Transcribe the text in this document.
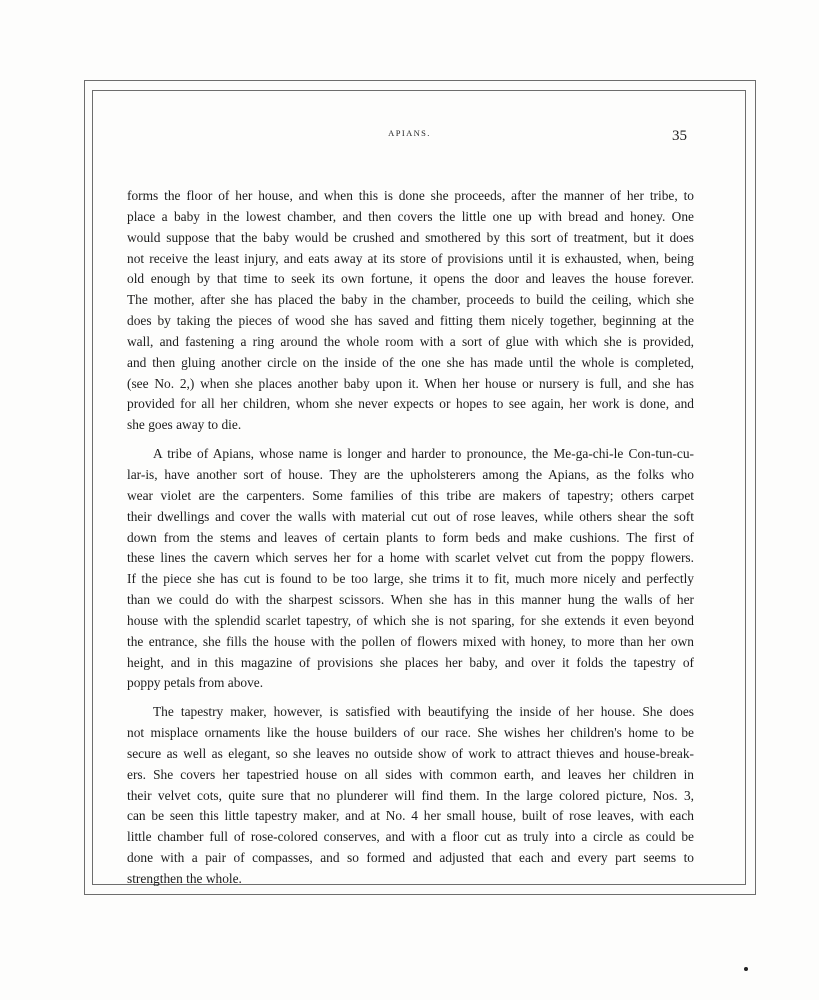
APIANS.	35
forms the floor of her house, and when this is done she proceeds, after the manner of her tribe, to
place a baby in the lowest chamber, and then covers the little one up with bread and honey. One
would suppose that the baby would be crushed and smothered by this sort of treatment, but it does
not receive the least injury, and eats away at its store of provisions until it is exhausted, when, being
old enough by that time to seek its own fortune, it opens the door and leaves the house forever.
The mother, after she has placed the baby in the chamber, proceeds to build the ceiling, which she
does by taking the pieces of wood she has saved and fitting them nicely together, beginning at the
wall, and fastening a ring around the whole room with a sort of glue with which she is provided,
and then gluing another circle on the inside of the one she has made until the whole is completed,
(see No. 2,) when she places another baby upon it. When her house or nursery is full, and she has
provided for all her children, whom she never expects or hopes to see again, her work is done, and
she goes away to die.
A tribe of Apians, whose name is longer and harder to pronounce, the Me-ga-chi-le Con-tun-cu-
lar-is, have another sort of house. They are the upholsterers among the Apians, as the folks who
wear violet are the carpenters. Some families of this tribe are makers of tapestry; others carpet
their dwellings and cover the walls with material cut out of rose leaves, while others shear the soft
down from the stems and leaves of certain plants to form beds and make cushions. The first of
these lines the cavern which serves her for a home with scarlet velvet cut from the poppy flowers.
If the piece she has cut is found to be too large, she trims it to fit, much more nicely and perfectly
than we could do with the sharpest scissors. When she has in this manner hung the walls of her
house with the splendid scarlet tapestry, of which she is not sparing, for she extends it even beyond
the entrance, she fills the house with the pollen of flowers mixed with honey, to more than her own
height, and in this magazine of provisions she places her baby, and over it folds the tapestry of
poppy petals from above.
The tapestry maker, however, is satisfied with beautifying the inside of her house. She does
not misplace ornaments like the house builders of our race. She wishes her children's home to be
secure as well as elegant, so she leaves no outside show of work to attract thieves and house-break-
ers. She covers her tapestried house on all sides with common earth, and leaves her children in
their velvet cots, quite sure that no plunderer will find them. In the large colored picture, Nos. 3,
can be seen this little tapestry maker, and at No. 4 her small house, built of rose leaves, with each
little chamber full of rose-colored conserves, and with a floor cut as truly into a circle as could be
done with a pair of compasses, and so formed and adjusted that each and every part seems to
strengthen the whole.
